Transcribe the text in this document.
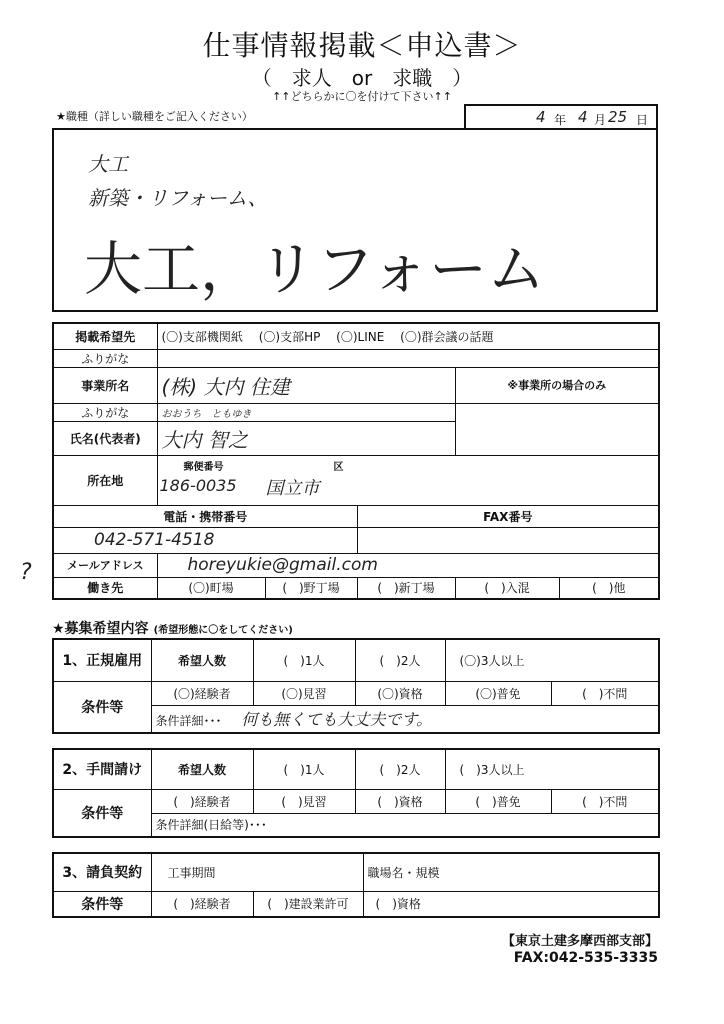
仕事情報掲載＜申込書＞
（　求人　or　求職　）
↑↑どちらかに〇を付けて下さい↑↑
★職種（詳しい職種をご記入ください）	4 年 4 月 25 日
大工
新築・リフォーム、
大工，リフォーム
掲載希望先	(〇)支部機関紙　 (〇)支部HP　 (〇)LINE　 (〇)群会議の話題				
ふりがな					
事業所名	(株) 大内 住建			※事業所の場合のみ	
ふりがな	おおうち　ともゆき				
氏名(代表者)	大内 智之				
所在地	郵便番号 区
186-0035 国立市				

電話・携帯番号			FAX番号		
042-571-4518					
メールアドレス	horeyukie@gmail.com				
働き先	(〇)町場	(　)野丁場	(　)新丁場	(　)入混	(　)他
?
★募集希望内容 (希望形態に〇をしてください)
1、正規雇用	希望人数	(　)1人	(　)2人	(〇)3人以上	
条件等	(〇)経験者	(〇)見習	(〇)資格	(〇)普免	(　)不問
	条件詳細･･･ 何も無くても大丈夫です。				
2、手間請け	希望人数	(　)1人	(　)2人	(　)3人以上	
条件等	(　)経験者	(　)見習	(　)資格	(　)普免	(　)不問
	条件詳細(日給等)･･･				
3、請負契約	工事期間		職場名・規模
条件等	(　)経験者	(　)建設業許可	(　)資格
【東京土建多摩西部支部】
FAX:042-535-3335
